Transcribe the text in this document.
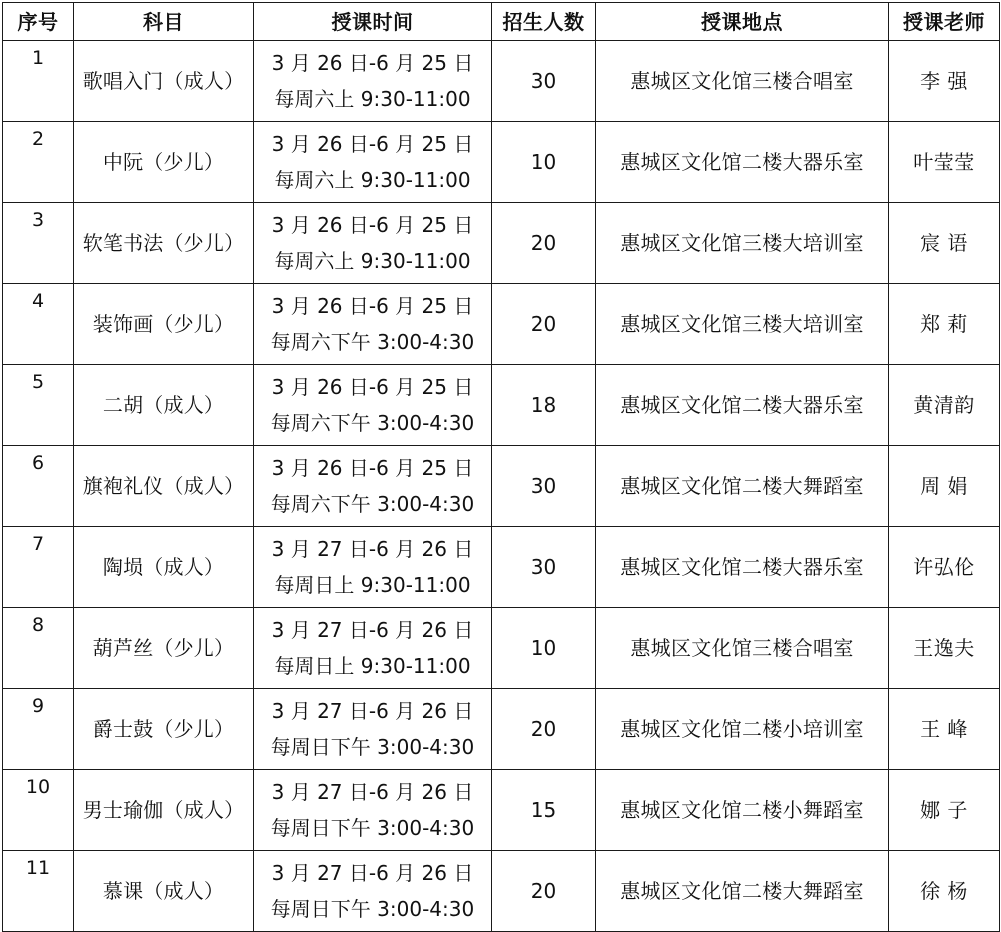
序号	科目	授课时间	招生人数	授课地点	授课老师
1	歌唱入门（成人）	3 月 26 日-6 月 25 日
每周六上 9:30-11:00	30	惠城区文化馆三楼合唱室	李 强
2	中阮（少儿）	3 月 26 日-6 月 25 日
每周六上 9:30-11:00	10	惠城区文化馆二楼大器乐室	叶莹莹
3	软笔书法（少儿）	3 月 26 日-6 月 25 日
每周六上 9:30-11:00	20	惠城区文化馆三楼大培训室	宸 语
4	装饰画（少儿）	3 月 26 日-6 月 25 日
每周六下午 3:00-4:30	20	惠城区文化馆三楼大培训室	郑 莉
5	二胡（成人）	3 月 26 日-6 月 25 日
每周六下午 3:00-4:30	18	惠城区文化馆二楼大器乐室	黄清韵
6	旗袍礼仪（成人）	3 月 26 日-6 月 25 日
每周六下午 3:00-4:30	30	惠城区文化馆二楼大舞蹈室	周 娟
7	陶埙（成人）	3 月 27 日-6 月 26 日
每周日上 9:30-11:00	30	惠城区文化馆二楼大器乐室	许弘伦
8	葫芦丝（少儿）	3 月 27 日-6 月 26 日
每周日上 9:30-11:00	10	惠城区文化馆三楼合唱室	王逸夫
9	爵士鼓（少儿）	3 月 27 日-6 月 26 日
每周日下午 3:00-4:30	20	惠城区文化馆二楼小培训室	王 峰
10	男士瑜伽（成人）	3 月 27 日-6 月 26 日
每周日下午 3:00-4:30	15	惠城区文化馆二楼小舞蹈室	娜 子
11	慕课（成人）	3 月 27 日-6 月 26 日
每周日下午 3:00-4:30	20	惠城区文化馆二楼大舞蹈室	徐 杨
